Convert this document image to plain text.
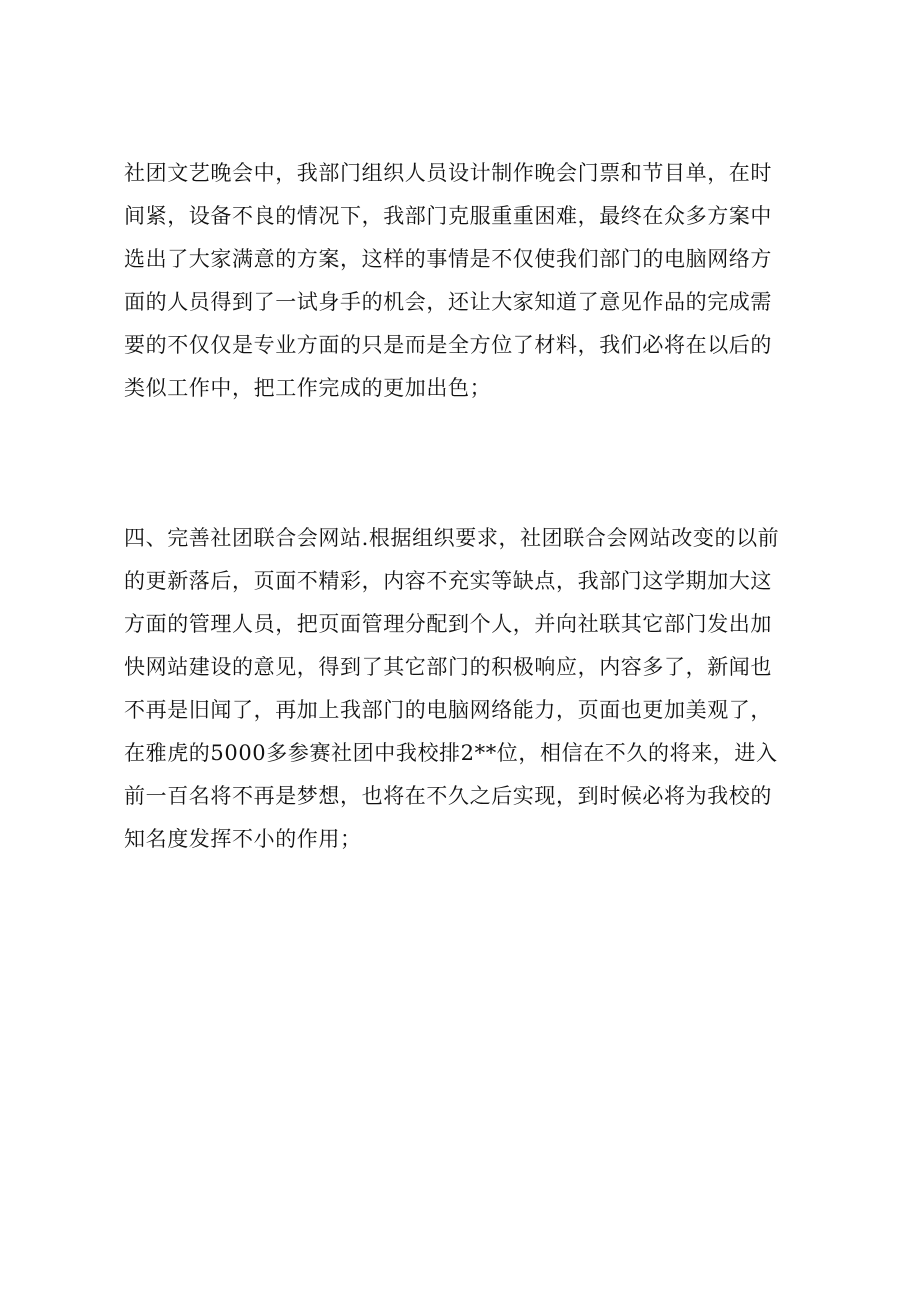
社团文艺晚会中，我部门组织人员设计制作晚会门票和节目单，在时
间紧，设备不良的情况下，我部门克服重重困难，最终在众多方案中
选出了大家满意的方案，这样的事情是不仅使我们部门的电脑网络方
面的人员得到了一试身手的机会，还让大家知道了意见作品的完成需
要的不仅仅是专业方面的只是而是全方位了材料，我们必将在以后的
类似工作中，把工作完成的更加出色；
四、完善社团联合会网站.根据组织要求，社团联合会网站改变的以前
的更新落后，页面不精彩，内容不充实等缺点，我部门这学期加大这
方面的管理人员，把页面管理分配到个人，并向社联其它部门发出加
快网站建设的意见，得到了其它部门的积极响应，内容多了，新闻也
不再是旧闻了，再加上我部门的电脑网络能力，页面也更加美观了，
在雅虎的5000多参赛社团中我校排2**位，相信在不久的将来，进入
前一百名将不再是梦想，也将在不久之后实现，到时候必将为我校的
知名度发挥不小的作用；
